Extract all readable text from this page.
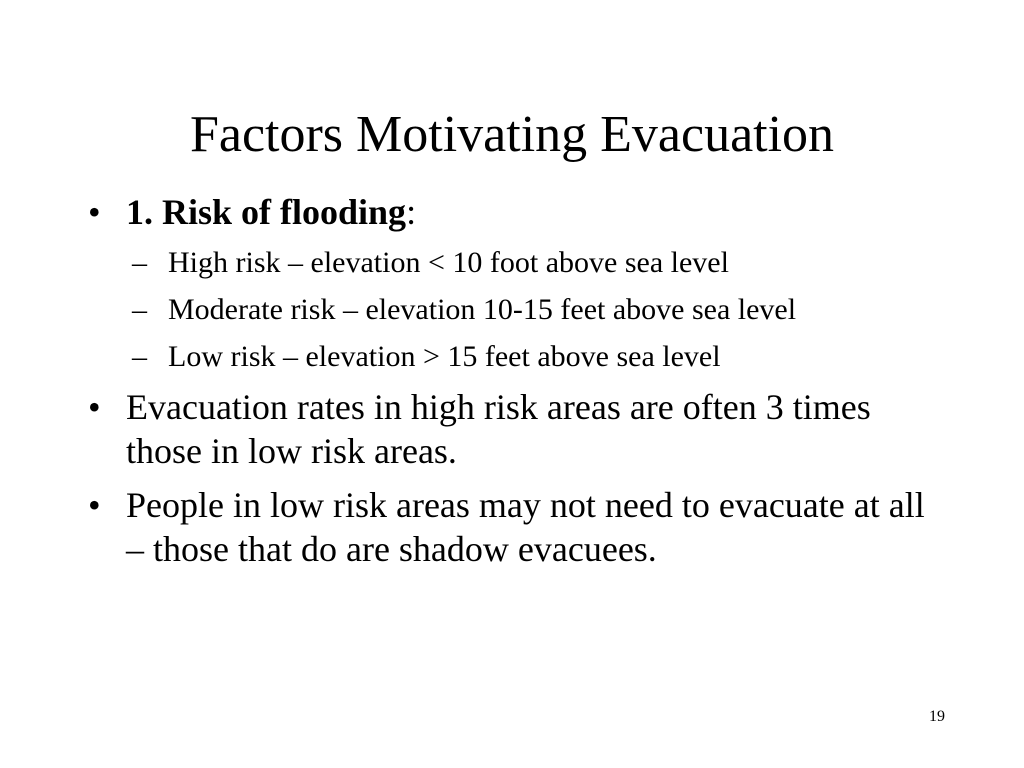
Factors Motivating Evacuation
• 1. Risk of flooding:
– High risk – elevation < 10 foot above sea level
– Moderate risk – elevation 10-15 feet above sea level
– Low risk – elevation > 15 feet above sea level
• Evacuation rates in high risk areas are often 3 times those in low risk areas.
• People in low risk areas may not need to evacuate at all – those that do are shadow evacuees.
19
